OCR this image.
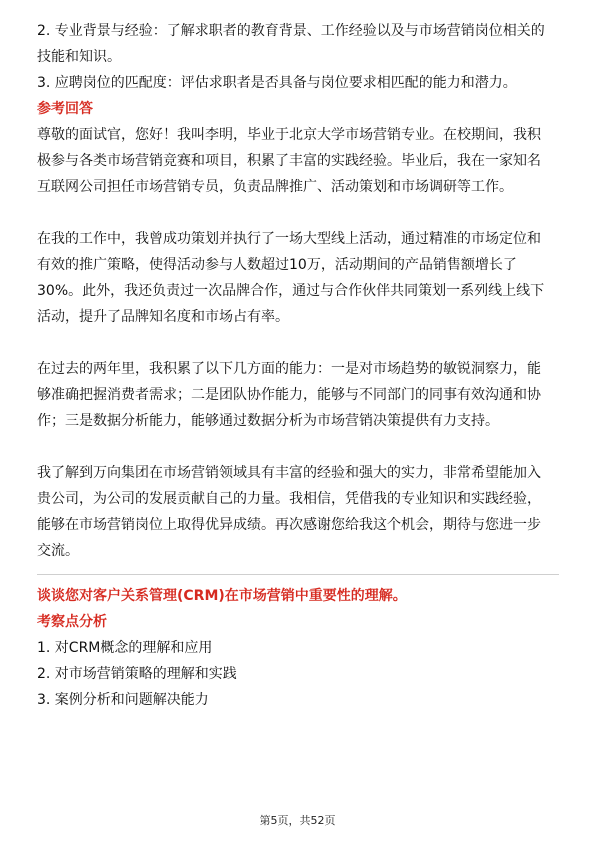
2. 专业背景与经验：了解求职者的教育背景、工作经验以及与市场营销岗位相关的

技能和知识。

3. 应聘岗位的匹配度：评估求职者是否具备与岗位要求相匹配的能力和潜力。

参考回答

尊敬的面试官，您好！我叫李明，毕业于北京大学市场营销专业。在校期间，我积

极参与各类市场营销竞赛和项目，积累了丰富的实践经验。毕业后，我在一家知名

互联网公司担任市场营销专员，负责品牌推广、活动策划和市场调研等工作。

在我的工作中，我曾成功策划并执行了一场大型线上活动，通过精准的市场定位和

有效的推广策略，使得活动参与人数超过10万，活动期间的产品销售额增长了

30%。此外，我还负责过一次品牌合作，通过与合作伙伴共同策划一系列线上线下

活动，提升了品牌知名度和市场占有率。

在过去的两年里，我积累了以下几方面的能力：一是对市场趋势的敏锐洞察力，能

够准确把握消费者需求；二是团队协作能力，能够与不同部门的同事有效沟通和协

作；三是数据分析能力，能够通过数据分析为市场营销决策提供有力支持。

我了解到万向集团在市场营销领域具有丰富的经验和强大的实力，非常希望能加入

贵公司，为公司的发展贡献自己的力量。我相信，凭借我的专业知识和实践经验，

能够在市场营销岗位上取得优异成绩。再次感谢您给我这个机会，期待与您进一步

交流。

谈谈您对客户关系管理(CRM)在市场营销中重要性的理解。

考察点分析

1. 对CRM概念的理解和应用

2. 对市场营销策略的理解和实践

3. 案例分析和问题解决能力

第5页，共52页
